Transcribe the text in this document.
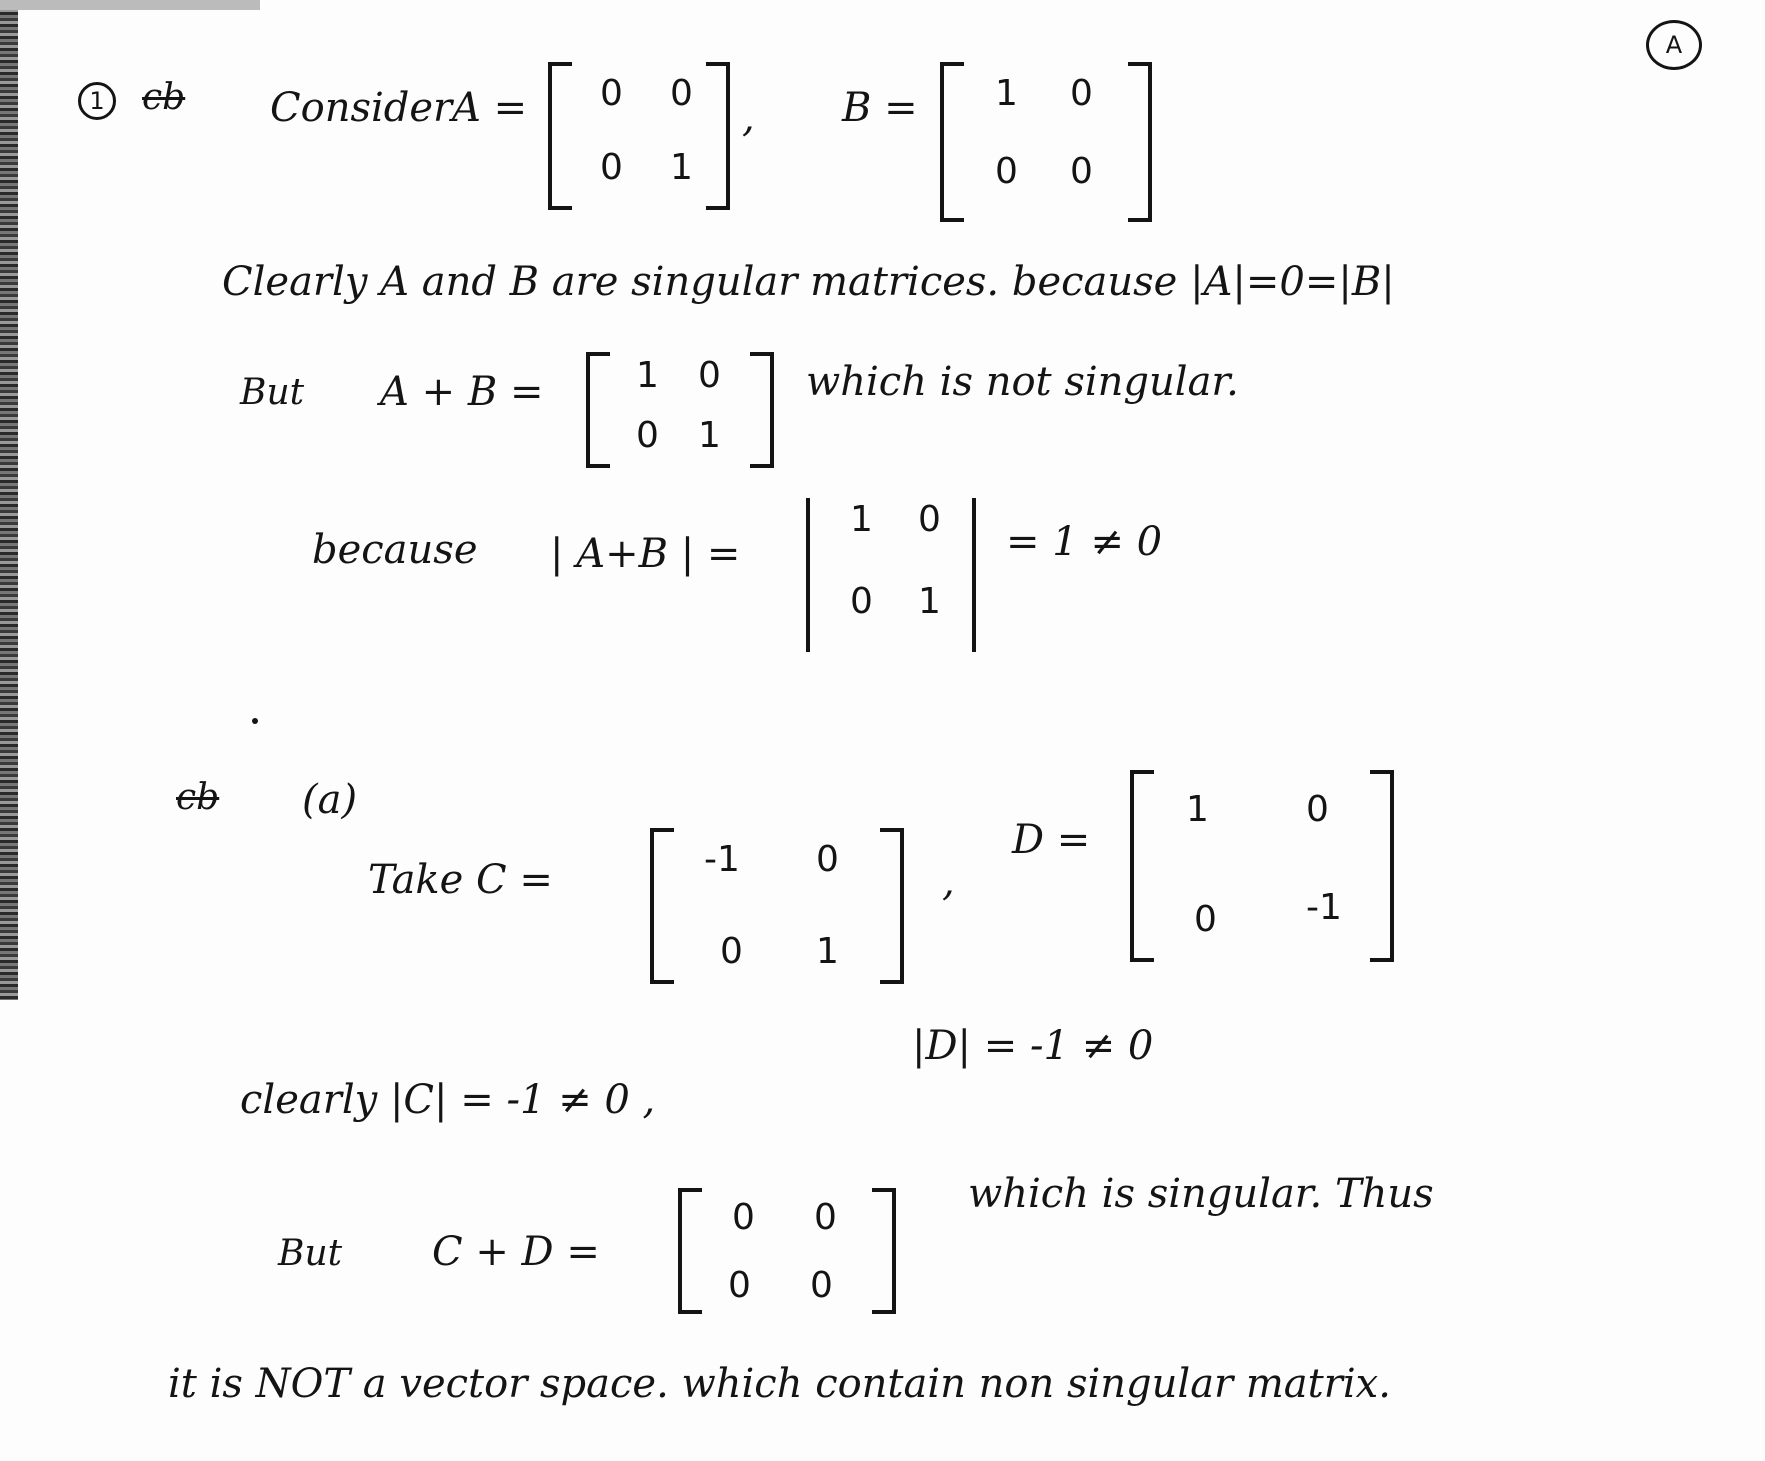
1 cb
A
Consider A = 0 0
0 1
, B = 1 0
0 0
Clearly A and B are singular matrices. because |A|=0=|B|
But A + B =	1 0
0 1
which is not singular.
because | A+B | =
1 0
0 1
= 1 ≠ 0
cb (a)
Take C =	-1 0
0 1
,
D =
1	0
0 -1
clearly |C| = -1 ≠ 0 ,
|D| = -1 ≠ 0
But C + D =
0 0
0 0
which is singular. Thus
it is NOT a vector space. which contain non singular matrix.
